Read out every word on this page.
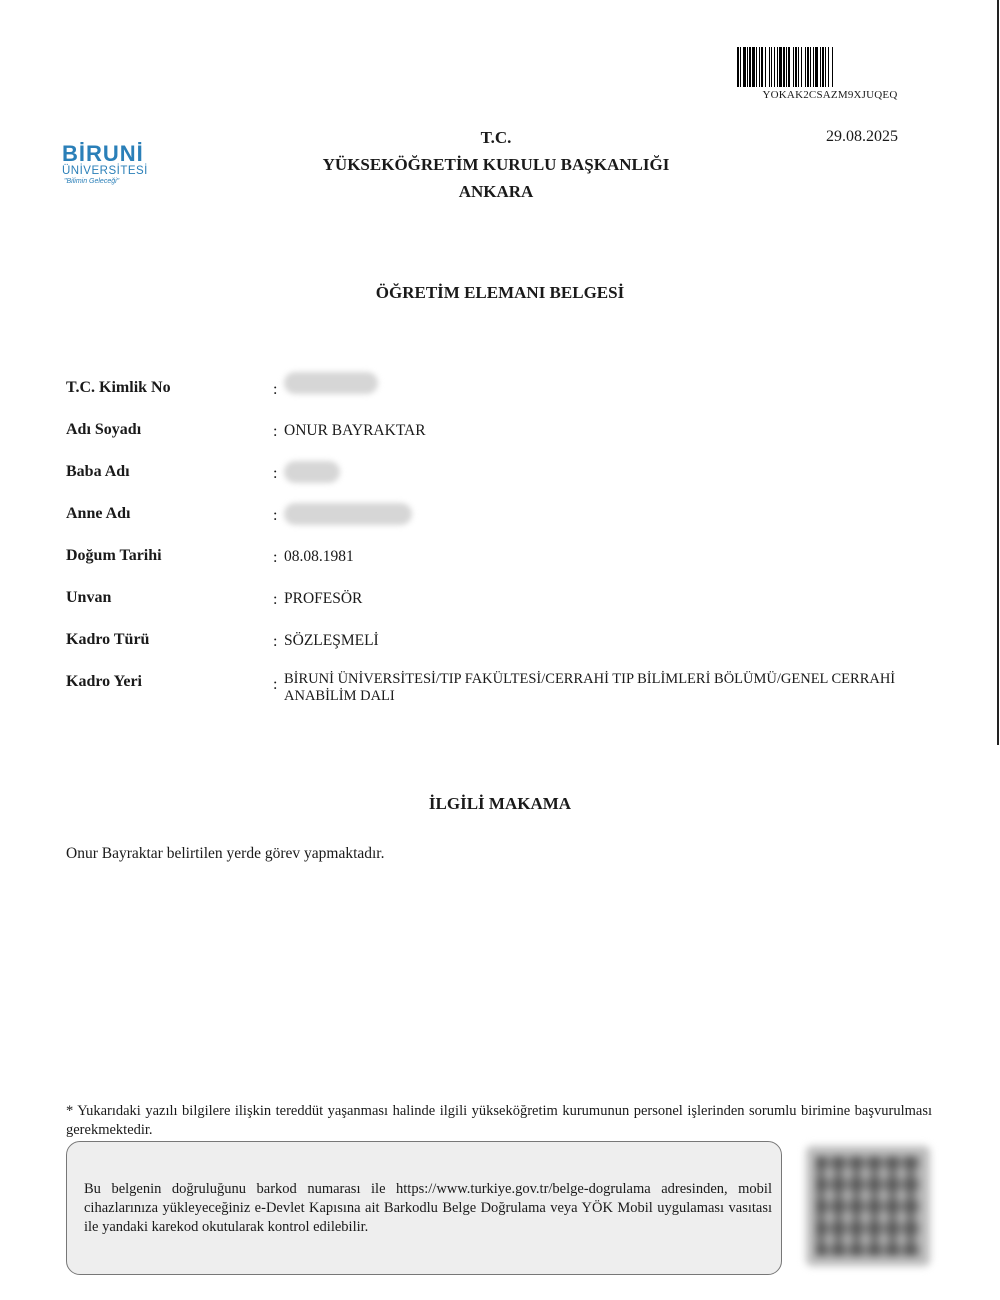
YOKAK2CSAZM9XJUQEQ
BİRUNİ
ÜNİVERSİTESİ
"Bilimin Geleceği"
T.C.
YÜKSEKÖĞRETİM KURULU BAŞKANLIĞI
ANKARA
29.08.2025
ÖĞRETİM ELEMANI BELGESİ
T.C. Kimlik No	:
Adı Soyadı	: ONUR BAYRAKTAR
Baba Adı	:
Anne Adı	:
Doğum Tarihi	: 08.08.1981
Unvan	: PROFESÖR
Kadro Türü	: SÖZLEŞMELİ
Kadro Yeri	: BİRUNİ ÜNİVERSİTESİ/TIP FAKÜLTESİ/CERRAHİ TIP BİLİMLERİ BÖLÜMÜ/GENEL CERRAHİ ANABİLİM DALI
İLGİLİ MAKAMA
Onur Bayraktar belirtilen yerde görev yapmaktadır.
* Yukarıdaki yazılı bilgilere ilişkin tereddüt yaşanması halinde ilgili yükseköğretim kurumunun personel işlerinden sorumlu birimine başvurulması gerekmektedir.
Bu belgenin doğruluğunu barkod numarası ile https://www.turkiye.gov.tr/belge-dogrulama adresinden, mobil cihazlarınıza yükleyeceğiniz e-Devlet Kapısına ait Barkodlu Belge Doğrulama veya YÖK Mobil uygulaması vasıtası ile yandaki karekod okutularak kontrol edilebilir.
